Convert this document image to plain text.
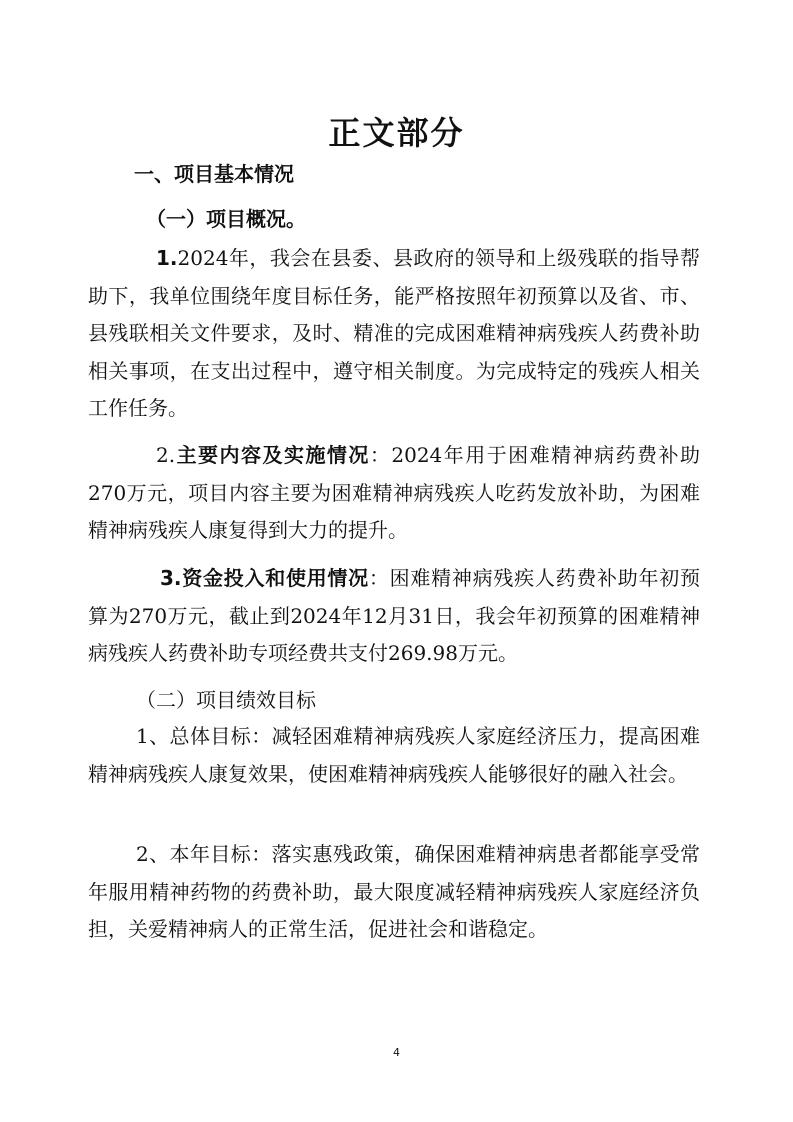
正文部分
一、项目基本情况
（一）项目概况。
1.2024年，我会在县委、县政府的领导和上级残联的指导帮助下，我单位围绕年度目标任务，能严格按照年初预算以及省、市、县残联相关文件要求，及时、精准的完成困难精神病残疾人药费补助相关事项，在支出过程中，遵守相关制度。为完成特定的残疾人相关工作任务。
2.主要内容及实施情况：2024年用于困难精神病药费补助270万元，项目内容主要为困难精神病残疾人吃药发放补助，为困难精神病残疾人康复得到大力的提升。
3.资金投入和使用情况：困难精神病残疾人药费补助年初预算为270万元，截止到2024年12月31日，我会年初预算的困难精神病残疾人药费补助专项经费共支付269.98万元。
（二）项目绩效目标
1、总体目标：减轻困难精神病残疾人家庭经济压力，提高困难精神病残疾人康复效果，使困难精神病残疾人能够很好的融入社会。
2、本年目标：落实惠残政策，确保困难精神病患者都能享受常年服用精神药物的药费补助，最大限度减轻精神病残疾人家庭经济负担，关爱精神病人的正常生活，促进社会和谐稳定。
4
